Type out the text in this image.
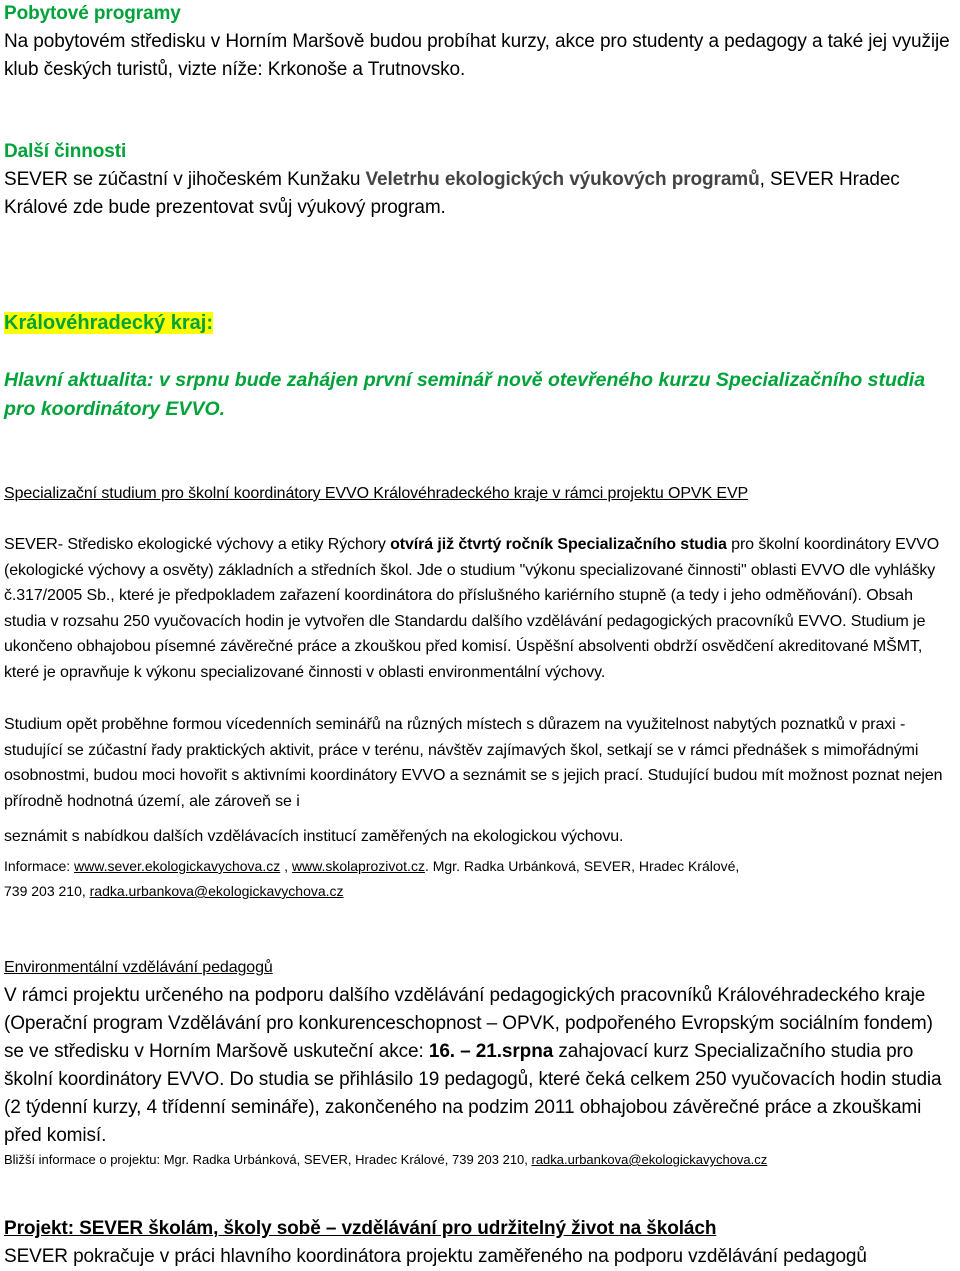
Pobytové programy
Na pobytovém středisku v Horním Maršově budou probíhat kurzy, akce pro studenty a pedagogy a také jej využije klub českých turistů, vizte níže: Krkonoše a Trutnovsko.
Další činnosti
SEVER se zúčastní v jihočeském Kunžaku Veletrhu ekologických výukových programů, SEVER Hradec Králové zde bude prezentovat svůj výukový program.
Královéhradecký kraj:
Hlavní aktualita: v srpnu bude zahájen první seminář nově otevřeného kurzu Specializačního studia pro koordinátory EVVO.
Specializační studium pro školní koordinátory EVVO Královéhradeckého kraje v rámci projektu OPVK EVP
SEVER- Středisko ekologické výchovy a etiky Rýchory otvírá již čtvrtý ročník Specializačního studia pro školní koordinátory EVVO (ekologické výchovy a osvěty) základních a středních škol. Jde o studium "výkonu specializované činnosti" oblasti EVVO dle vyhlášky č.317/2005 Sb., které je předpokladem zařazení koordinátora do příslušného kariérního stupně (a tedy i jeho odměňování). Obsah studia v rozsahu 250 vyučovacích hodin je vytvořen dle Standardu dalšího vzdělávání pedagogických pracovníků EVVO. Studium je ukončeno obhajobou písemné závěrečné práce a zkouškou před komisí. Úspěšní absolventi obdrží osvědčení akreditované MŠMT, které je opravňuje k výkonu specializované činnosti v oblasti environmentální výchovy.
Studium opět proběhne formou vícedenních seminářů na různých místech s důrazem na využitelnost nabytých poznatků v praxi - studující se zúčastní řady praktických aktivit, práce v terénu, návštěv zajímavých škol, setkají se v rámci přednášek s mimořádnými osobnostmi, budou moci hovořit s aktivními koordinátory EVVO a seznámit se s jejich prací. Studující budou mít možnost poznat nejen přírodně hodnotná území, ale zároveň se i
seznámit s nabídkou dalších vzdělávacích institucí zaměřených na ekologickou výchovu.
Informace: www.sever.ekologickavychova.cz , www.skolaprozivot.cz. Mgr. Radka Urbánková, SEVER, Hradec Králové,
739 203 210, radka.urbankova@ekologickavychova.cz
Environmentální vzdělávání pedagogů
V rámci projektu určeného na podporu dalšího vzdělávání pedagogických pracovníků Královéhradeckého kraje (Operační program Vzdělávání pro konkurenceschopnost – OPVK, podpořeného Evropským sociálním fondem) se ve středisku v Horním Maršově uskuteční akce: 16. – 21.srpna zahajovací kurz Specializačního studia pro školní koordinátory EVVO. Do studia se přihlásilo 19 pedagogů, které čeká celkem 250 vyučovacích hodin studia (2 týdenní kurzy, 4 třídenní semináře), zakončeného na podzim 2011 obhajobou závěrečné práce a zkouškami před komisí.
Bližší informace o projektu: Mgr. Radka Urbánková, SEVER, Hradec Králové, 739 203 210, radka.urbankova@ekologickavychova.cz
Projekt: SEVER školám, školy sobě – vzdělávání pro udržitelný život na školách
SEVER pokračuje v práci hlavního koordinátora projektu zaměřeného na podporu vzdělávání pedagogů
